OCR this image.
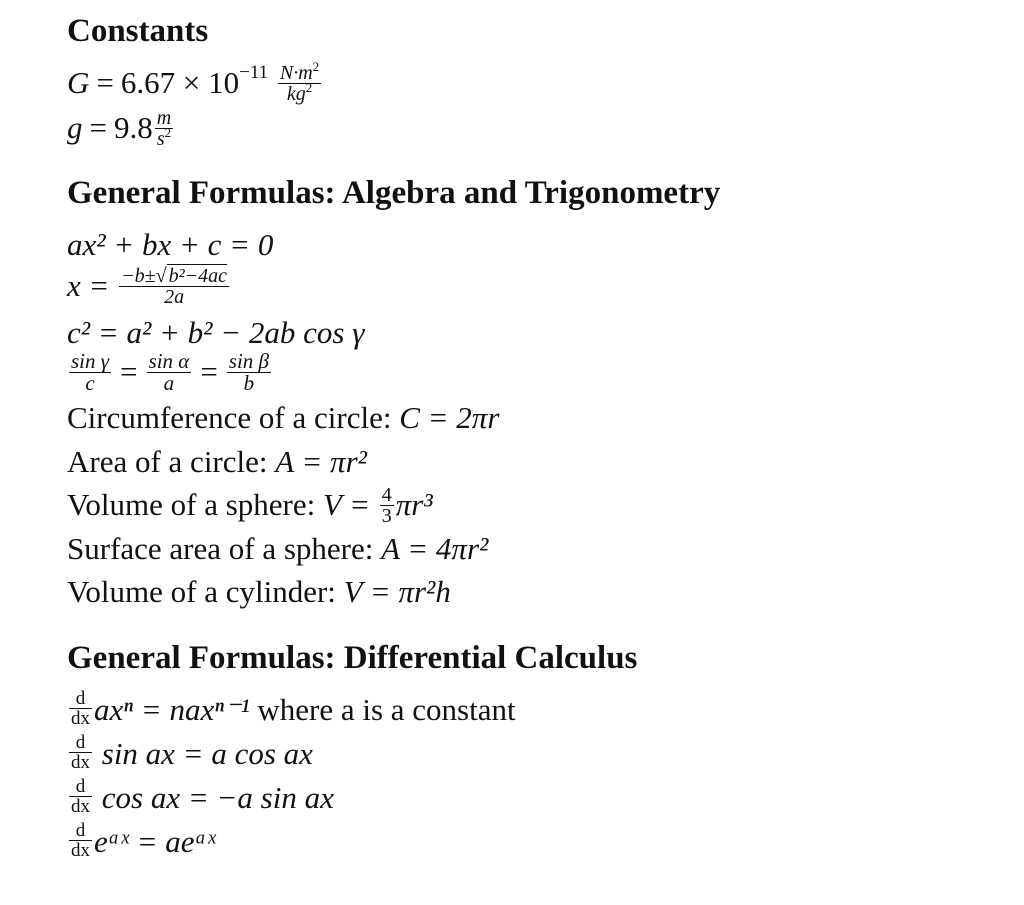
Constants
$G = 6.67 \times 10^{-11} \frac{N\cdot m^2}{kg^2}$
$g = 9.8 \frac{m}{s^2}$
General Formulas: Algebra and Trigonometry
ax² + bx + c = 0
$x = \frac{\text{−b±√ b²−4ac}}{2a}$
c² = a² + b² − 2ab cos γ
$\frac{\text{sin γ}}{c} = \frac{\text{sin α}}{a} = \frac{\text{sin β}}{b}$
Circumference of a circle: C = 2πr
Area of a circle: A = πr²
Volume of a sphere: $V = \frac{4}{3} \pi r^3$
Surface area of a sphere: A = 4πr²
Volume of a cylinder: V = πr²h
General Formulas: Differential Calculus
$\frac{d}{dx}$ axⁿ = naxⁿ⁻¹ where a is a constant
$\frac{d}{dx}$ sin ax = a cos ax
$\frac{d}{dx}$ cos ax = −a sin ax
$\frac{d}{dx}$ eᵃˣ = aeᵃˣ
